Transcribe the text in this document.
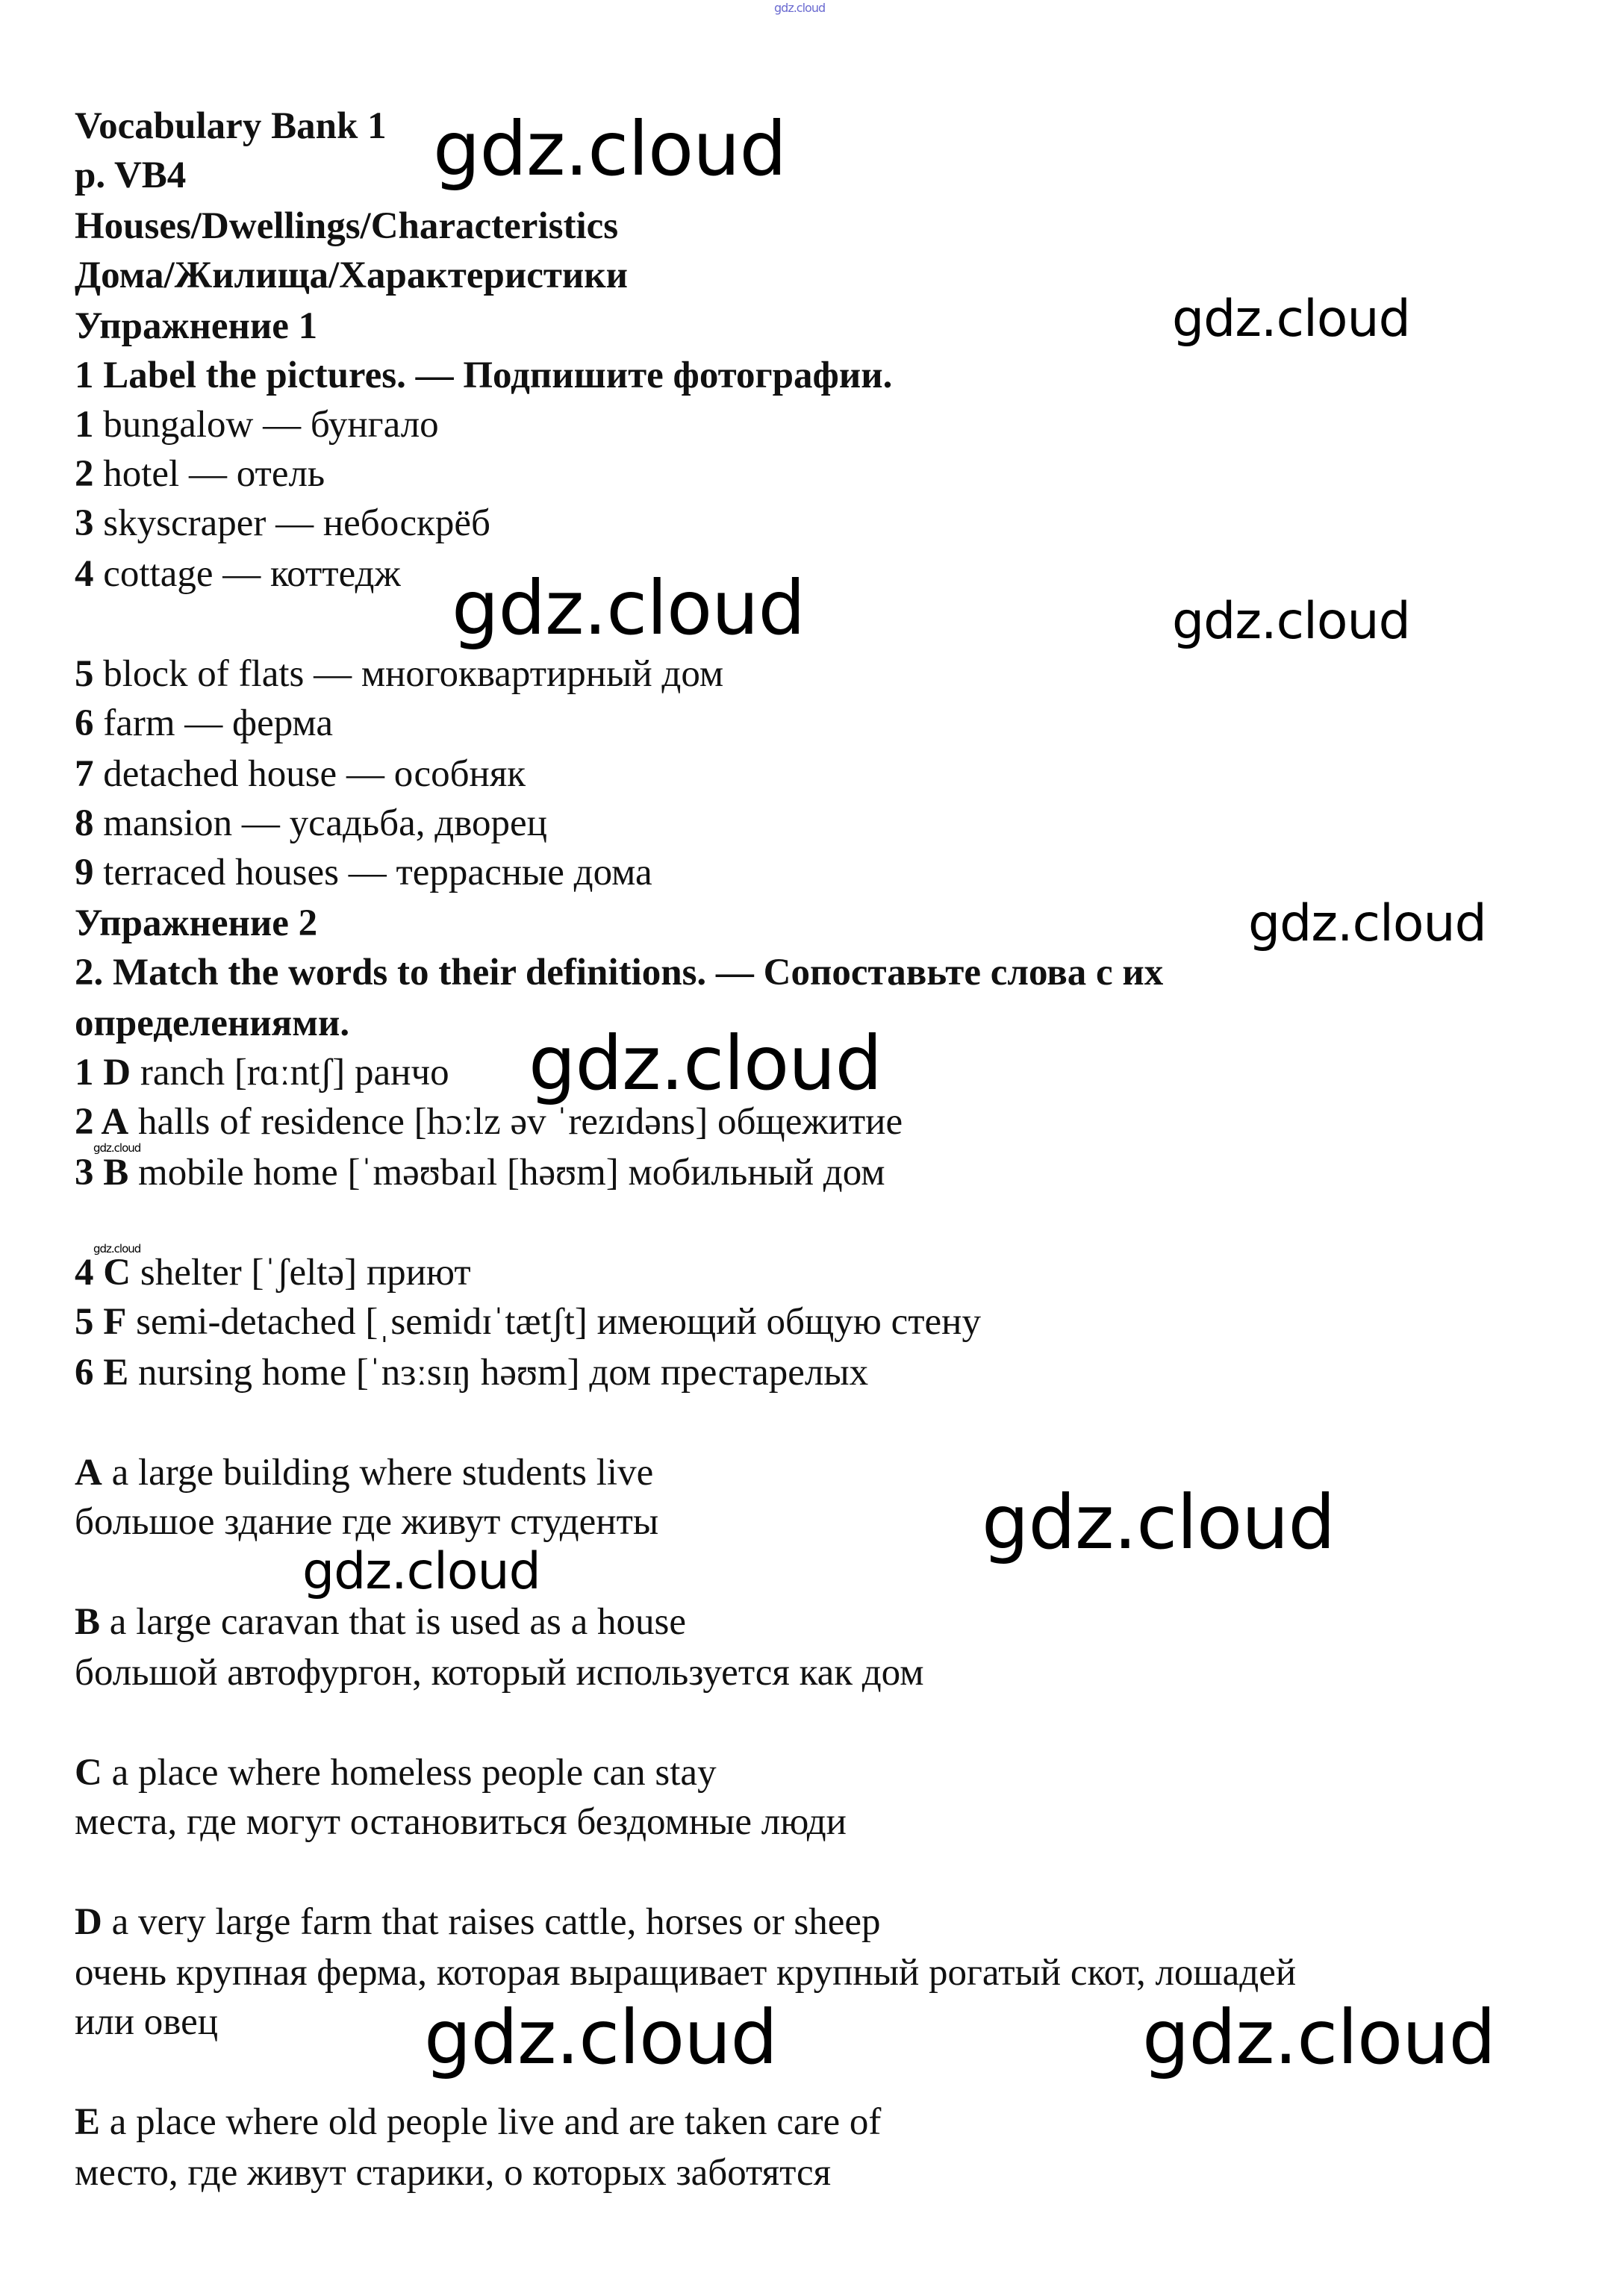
Vocabulary Bank 1
p. VB4
Houses/Dwellings/Characteristics
Дома/Жилища/Характеристики
Упражнение 1
1 Label the pictures. — Подпишите фотографии.
1 bungalow — бунгало
2 hotel — отель
3 skyscraper — небоскрёб
4 cottage — коттедж
5 block of flats — многоквартирный дом
6 farm — ферма
7 detached house — особняк
8 mansion — усадьба, дворец
9 terraced houses — террасные дома
Упражнение 2
2. Match the words to their definitions. — Сопоставьте слова с их
определениями.
1 D ranch [rɑːntʃ] ранчо
2 A halls of residence [hɔːlz əv ˈrezɪdəns] общежитие
3 B mobile home [ˈməʊbaɪl [həʊm] мобильный дом
4 C shelter [ˈʃeltə] приют
5 F semi-detached [ˌsemidɪˈtætʃt] имеющий общую стену
6 E nursing home [ˈnɜːsɪŋ həʊm] дом престарелых
A a large building where students live
большое здание где живут студенты
B a large caravan that is used as a house
большой автофургон, который используется как дом
C a place where homeless people can stay
места, где могут остановиться бездомные люди
D a very large farm that raises cattle, horses or sheep
очень крупная ферма, которая выращивает крупный рогатый скот, лошадей
или овец
E a place where old people live and are taken care of
место, где живут старики, о которых заботятся
gdz.cloud
gdz.cloud
gdz.cloud
gdz.cloud	gdz.cloud
gdz.cloud
gdz.cloud
gdz.cloud
gdz.cloud
gdz.cloud
gdz.cloud
gdz.cloud	gdz.cloud
